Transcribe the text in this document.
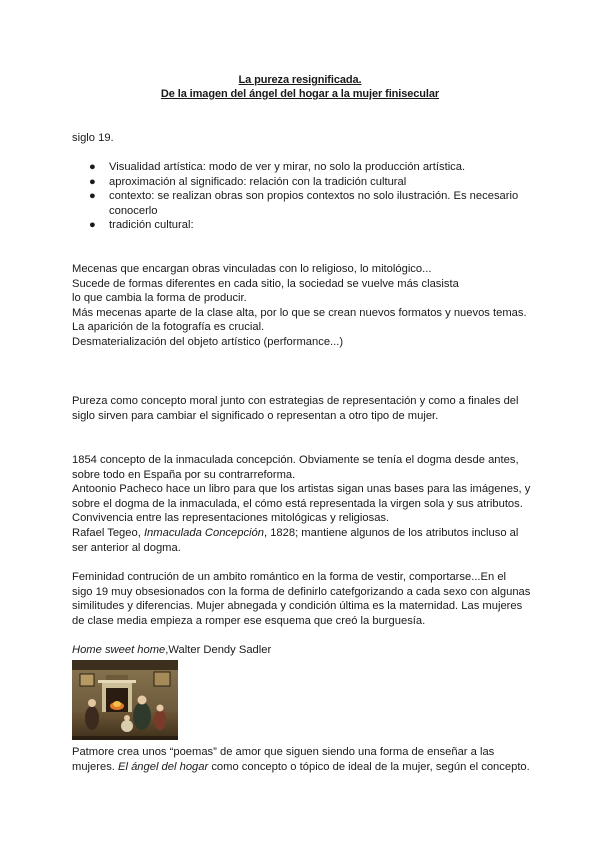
La pureza resignificada.
De la imagen del ángel del hogar a la mujer finisecular
siglo 19.
● Visualidad artística: modo de ver y mirar, no solo la producción artística.
● aproximación al significado: relación con la tradición cultural
● contexto: se realizan obras son propios contextos no solo ilustración. Es necesario
conocerlo
● tradición cultural:
Mecenas que encargan obras vinculadas con lo religioso, lo mitológico...
Sucede de formas diferentes en cada sitio, la sociedad se vuelve más clasista
lo que cambia la forma de producir.
Más mecenas aparte de la clase alta, por lo que se crean nuevos formatos y nuevos temas.
La aparición de la fotografía es crucial.
Desmaterialización del objeto artístico (performance...)
Pureza como concepto moral junto con estrategias de representación y como a finales del
siglo sirven para cambiar el significado o representan a otro tipo de mujer.
1854 concepto de la inmaculada concepción. Obviamente se tenía el dogma desde antes,
sobre todo en España por su contrarreforma.
Antoonio Pacheco hace un libro para que los artistas sigan unas bases para las imágenes, y
sobre el dogma de la inmaculada, el cómo está representada la virgen sola y sus atributos.
Convivencia entre las representaciones mitológicas y religiosas.
Rafael Tegeo, Inmaculada Concepción, 1828; mantiene algunos de los atributos incluso al
ser anterior al dogma.
Feminidad contrución de un ambito romántico en la forma de vestir, comportarse...En el
sigo 19 muy obsesionados con la forma de definirlo catefgorizando a cada sexo con algunas
similitudes y diferencias. Mujer abnegada y condición última es la maternidad. Las mujeres
de clase media empieza a romper ese esquema que creó la burguesía.
Home sweet home,Walter Dendy Sadler
Patmore crea unos “poemas” de amor que siguen siendo una forma de enseñar a las
mujeres. El ángel del hogar como concepto o tópico de ideal de la mujer, según el concepto.
